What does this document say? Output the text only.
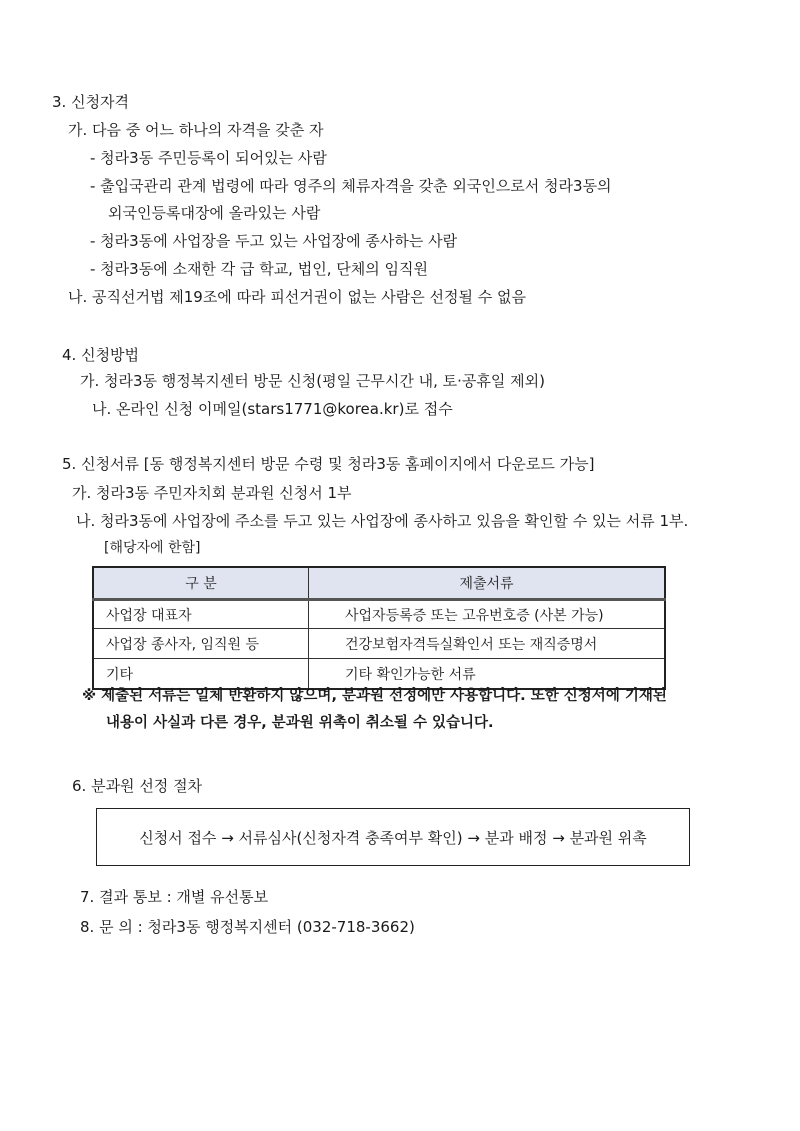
3. 신청자격
가. 다음 중 어느 하나의 자격을 갖춘 자
- 청라3동 주민등록이 되어있는 사람
- 출입국관리 관계 법령에 따라 영주의 체류자격을 갖춘 외국인으로서 청라3동의
외국인등록대장에 올라있는 사람
- 청라3동에 사업장을 두고 있는 사업장에 종사하는 사람
- 청라3동에 소재한 각 급 학교, 법인, 단체의 임직원
나. 공직선거법 제19조에 따라 피선거권이 없는 사람은 선정될 수 없음
4. 신청방법
가. 청라3동 행정복지센터 방문 신청(평일 근무시간 내, 토·공휴일 제외)
나. 온라인 신청 이메일(stars1771@korea.kr)로 접수
5. 신청서류 [동 행정복지센터 방문 수령 및 청라3동 홈페이지에서 다운로드 가능]
가. 청라3동 주민자치회 분과원 신청서 1부
나. 청라3동에 사업장에 주소를 두고 있는 사업장에 종사하고 있음을 확인할 수 있는 서류 1부.
[해당자에 한함]
구 분	제출서류
사업장 대표자	사업자등록증 또는 고유번호증 (사본 가능)
사업장 종사자, 임직원 등	건강보험자격득실확인서 또는 재직증명서
기타	기타 확인가능한 서류
※ 제출된 서류는 일체 반환하지 않으며, 분과원 선정에만 사용합니다. 또한 신청서에 기재된
내용이 사실과 다른 경우, 분과원 위촉이 취소될 수 있습니다.
6. 분과원 선정 절차
신청서 접수 → 서류심사(신청자격 충족여부 확인) → 분과 배정 → 분과원 위촉
7. 결과 통보 : 개별 유선통보
8. 문 의 : 청라3동 행정복지센터 (032-718-3662)
